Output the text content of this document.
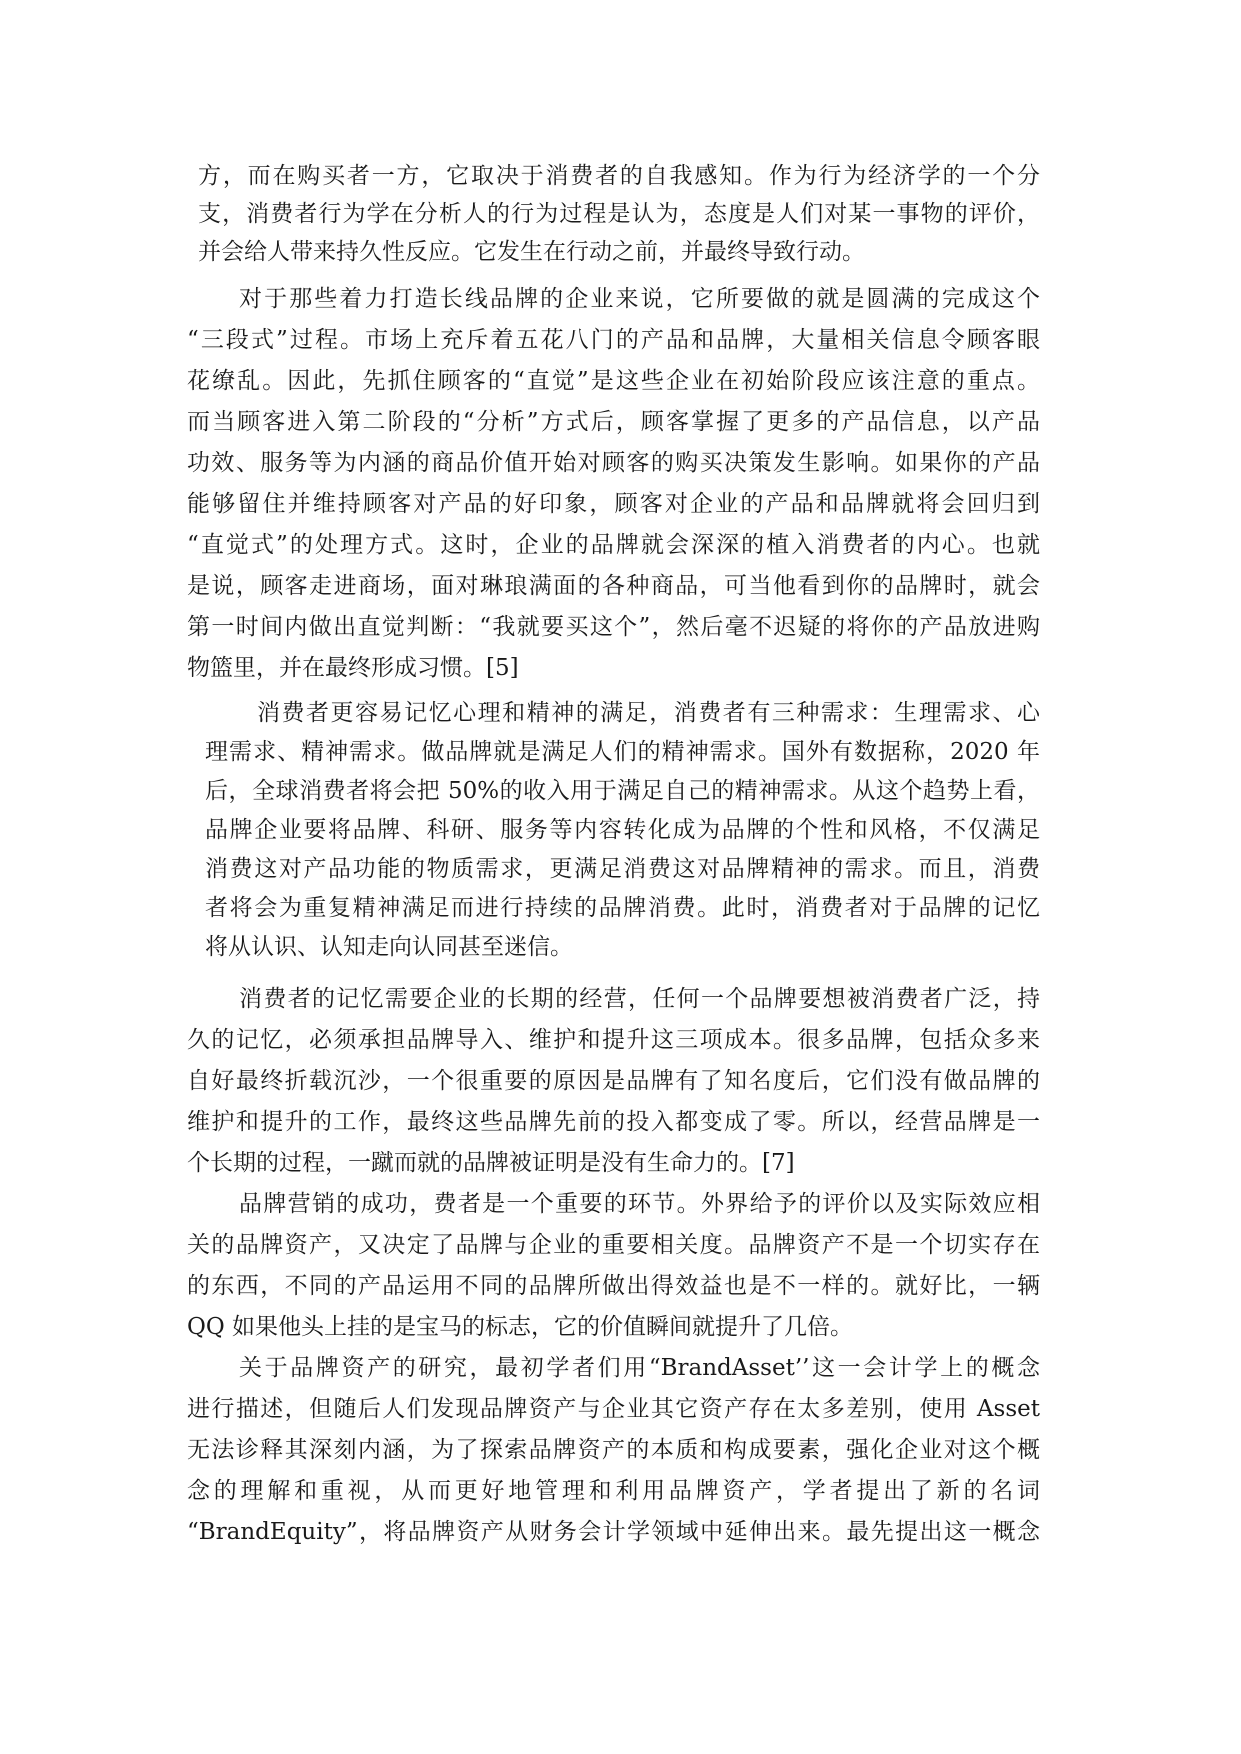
方，而在购买者一方，它取决于消费者的自我感知。作为行为经济学的一个分
支，消费者行为学在分析人的行为过程是认为，态度是人们对某一事物的评价，
并会给人带来持久性反应。它发生在行动之前，并最终导致行动。
对于那些着力打造长线品牌的企业来说，它所要做的就是圆满的完成这个
“三段式”过程。市场上充斥着五花八门的产品和品牌，大量相关信息令顾客眼
花缭乱。因此，先抓住顾客的“直觉”是这些企业在初始阶段应该注意的重点。
而当顾客进入第二阶段的“分析”方式后，顾客掌握了更多的产品信息，以产品
功效、服务等为内涵的商品价值开始对顾客的购买决策发生影响。如果你的产品
能够留住并维持顾客对产品的好印象，顾客对企业的产品和品牌就将会回归到
“直觉式”的处理方式。这时，企业的品牌就会深深的植入消费者的内心。也就
是说，顾客走进商场，面对琳琅满面的各种商品，可当他看到你的品牌时，就会
第一时间内做出直觉判断：“我就要买这个”，然后毫不迟疑的将你的产品放进购
物篮里，并在最终形成习惯。[5]
消费者更容易记忆心理和精神的满足，消费者有三种需求：生理需求、心
理需求、精神需求。做品牌就是满足人们的精神需求。国外有数据称，2020 年
后，全球消费者将会把 50%的收入用于满足自己的精神需求。从这个趋势上看，
品牌企业要将品牌、科研、服务等内容转化成为品牌的个性和风格，不仅满足
消费这对产品功能的物质需求，更满足消费这对品牌精神的需求。而且，消费
者将会为重复精神满足而进行持续的品牌消费。此时，消费者对于品牌的记忆
将从认识、认知走向认同甚至迷信。
消费者的记忆需要企业的长期的经营，任何一个品牌要想被消费者广泛，持
久的记忆，必须承担品牌导入、维护和提升这三项成本。很多品牌，包括众多来
自好最终折载沉沙，一个很重要的原因是品牌有了知名度后，它们没有做品牌的
维护和提升的工作，最终这些品牌先前的投入都变成了零。所以，经营品牌是一
个长期的过程，一蹴而就的品牌被证明是没有生命力的。[7]
品牌营销的成功，费者是一个重要的环节。外界给予的评价以及实际效应相
关的品牌资产，又决定了品牌与企业的重要相关度。品牌资产不是一个切实存在
的东西，不同的产品运用不同的品牌所做出得效益也是不一样的。就好比，一辆
QQ 如果他头上挂的是宝马的标志，它的价值瞬间就提升了几倍。
关于品牌资产的研究，最初学者们用“BrandAsset’’这一会计学上的概念
进行描述，但随后人们发现品牌资产与企业其它资产存在太多差别，使用 Asset
无法诊释其深刻内涵，为了探索品牌资产的本质和构成要素，强化企业对这个概
念的理解和重视，从而更好地管理和利用品牌资产，学者提出了新的名词
“BrandEquity”，将品牌资产从财务会计学领域中延伸出来。最先提出这一概念
